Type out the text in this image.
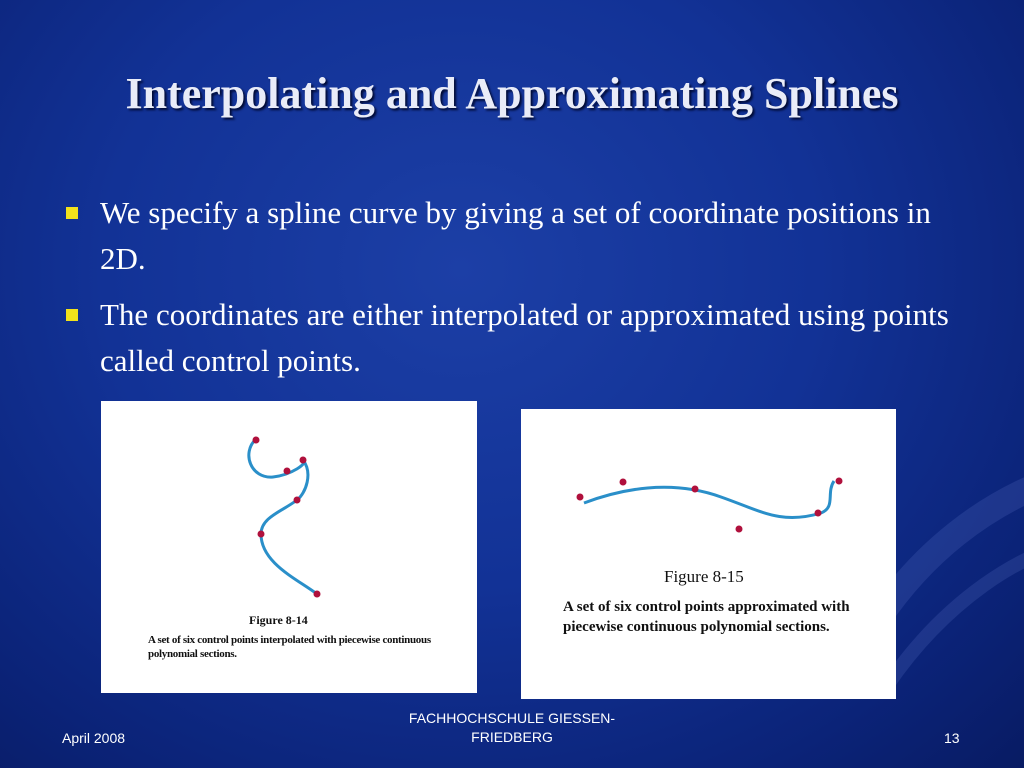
Interpolating and Approximating Splines
We specify a spline curve by giving a set of coordinate positions in 2D.
The coordinates are either interpolated or approximated using points called control points.
Figure 8-14
A set of six control points interpolated with piecewise continuous polynomial sections.
Figure 8-15
A set of six control points approximated with piecewise continuous polynomial sections.
April 2008
FACHHOCHSCHULE GIESSEN-FRIEDBERG	13
